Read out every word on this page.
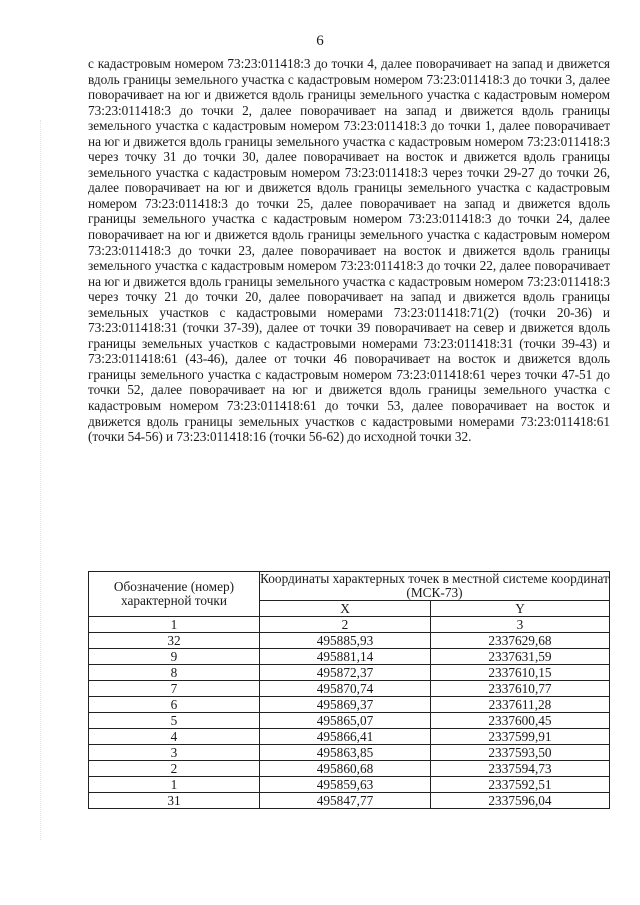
6

с кадастровым номером 73:23:011418:3 до точки 4, далее поворачивает на запад и движется вдоль границы земельного участка с кадастровым номером 73:23:011418:3 до точки 3, далее поворачивает на юг и движется вдоль границы земельного участка с кадастровым номером 73:23:011418:3 до точки 2, далее поворачивает на запад и движется вдоль границы земельного участка с кадастровым номером 73:23:011418:3 до точки 1, далее поворачивает на юг и движется вдоль границы земельного участка с кадастровым номером 73:23:011418:3 через точку 31 до точки 30, далее поворачивает на восток и движется вдоль границы земельного участка с кадастровым номером 73:23:011418:3 через точки 29-27 до точки 26, далее поворачивает на юг и движется вдоль границы земельного участка с кадастровым номером 73:23:011418:3 до точки 25, далее поворачивает на запад и движется вдоль границы земельного участка с кадастровым номером 73:23:011418:3 до точки 24, далее поворачивает на юг и движется вдоль границы земельного участка с кадастровым номером 73:23:011418:3 до точки 23, далее поворачивает на восток и движется вдоль границы земельного участка с кадастровым номером 73:23:011418:3 до точки 22, далее поворачивает на юг и движется вдоль границы земельного участка с кадастровым номером 73:23:011418:3 через точку 21 до точки 20, далее поворачивает на запад и движется вдоль границы земельных участков с кадастровыми номерами 73:23:011418:71(2) (точки 20-36) и 73:23:011418:31 (точки 37-39), далее от точки 39 поворачивает на север и движется вдоль границы земельных участков с кадастровыми номерами 73:23:011418:31 (точки 39-43) и 73:23:011418:61 (43-46), далее от точки 46 поворачивает на восток и движется вдоль границы земельного участка с кадастровым номером 73:23:011418:61 через точки 47-51 до точки 52, далее поворачивает на юг и движется вдоль границы земельного участка с кадастровым номером 73:23:011418:61 до точки 53, далее поворачивает на восток и движется вдоль границы земельных участков с кадастровыми номерами 73:23:011418:61 (точки 54-56) и 73:23:011418:16 (точки 56-62) до исходной точки 32.

Обозначение (номер) характерной точки	Координаты характерных точек в местной системе координат (МСК-73)	
	X	Y
1	2	3
32	495885,93	2337629,68
9	495881,14	2337631,59
8	495872,37	2337610,15
7	495870,74	2337610,77
6	495869,37	2337611,28
5	495865,07	2337600,45
4	495866,41	2337599,91
3	495863,85	2337593,50
2	495860,68	2337594,73
1	495859,63	2337592,51
31	495847,77	2337596,04
